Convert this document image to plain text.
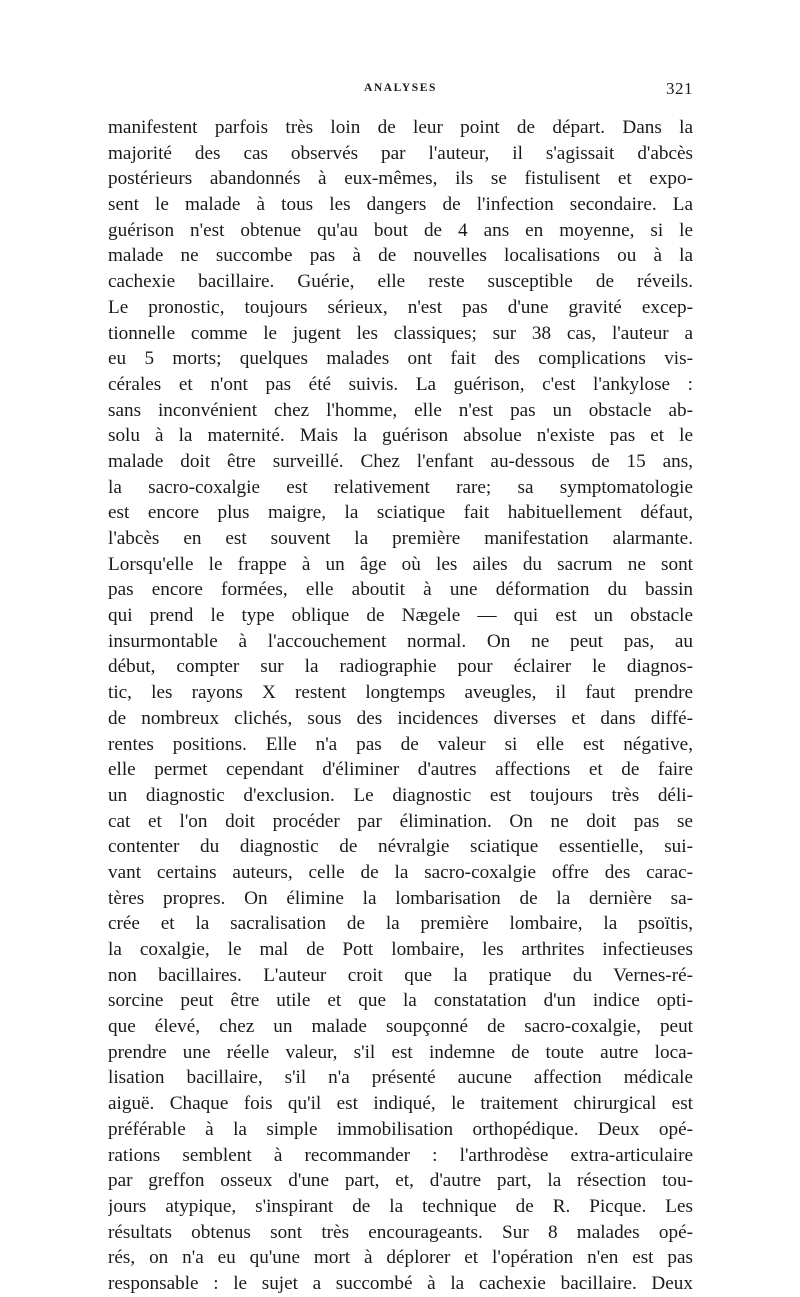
ANALYSES	321
manifestent parfois très loin de leur point de départ. Dans la
majorité des cas observés par l'auteur, il s'agissait d'abcès
postérieurs abandonnés à eux-mêmes, ils se fistulisent et expo-
sent le malade à tous les dangers de l'infection secondaire. La
guérison n'est obtenue qu'au bout de 4 ans en moyenne, si le
malade ne succombe pas à de nouvelles localisations ou à la
cachexie bacillaire. Guérie, elle reste susceptible de réveils.
Le pronostic, toujours sérieux, n'est pas d'une gravité excep-
tionnelle comme le jugent les classiques; sur 38 cas, l'auteur a
eu 5 morts; quelques malades ont fait des complications vis-
cérales et n'ont pas été suivis. La guérison, c'est l'ankylose :
sans inconvénient chez l'homme, elle n'est pas un obstacle ab-
solu à la maternité. Mais la guérison absolue n'existe pas et le
malade doit être surveillé. Chez l'enfant au-dessous de 15 ans,
la sacro-coxalgie est relativement rare; sa symptomatologie
est encore plus maigre, la sciatique fait habituellement défaut,
l'abcès en est souvent la première manifestation alarmante.
Lorsqu'elle le frappe à un âge où les ailes du sacrum ne sont
pas encore formées, elle aboutit à une déformation du bassin
qui prend le type oblique de Nægele — qui est un obstacle
insurmontable à l'accouchement normal. On ne peut pas, au
début, compter sur la radiographie pour éclairer le diagnos-
tic, les rayons X restent longtemps aveugles, il faut prendre
de nombreux clichés, sous des incidences diverses et dans diffé-
rentes positions. Elle n'a pas de valeur si elle est négative,
elle permet cependant d'éliminer d'autres affections et de faire
un diagnostic d'exclusion. Le diagnostic est toujours très déli-
cat et l'on doit procéder par élimination. On ne doit pas se
contenter du diagnostic de névralgie sciatique essentielle, sui-
vant certains auteurs, celle de la sacro-coxalgie offre des carac-
tères propres. On élimine la lombarisation de la dernière sa-
crée et la sacralisation de la première lombaire, la psoïtis,
la coxalgie, le mal de Pott lombaire, les arthrites infectieuses
non bacillaires. L'auteur croit que la pratique du Vernes-ré-
sorcine peut être utile et que la constatation d'un indice opti-
que élevé, chez un malade soupçonné de sacro-coxalgie, peut
prendre une réelle valeur, s'il est indemne de toute autre loca-
lisation bacillaire, s'il n'a présenté aucune affection médicale
aiguë. Chaque fois qu'il est indiqué, le traitement chirurgical est
préférable à la simple immobilisation orthopédique. Deux opé-
rations semblent à recommander : l'arthrodèse extra-articulaire
par greffon osseux d'une part, et, d'autre part, la résection tou-
jours atypique, s'inspirant de la technique de R. Picque. Les
résultats obtenus sont très encourageants. Sur 8 malades opé-
rés, on n'a eu qu'une mort à déplorer et l'opération n'en est pas
responsable : le sujet a succombé à la cachexie bacillaire. Deux
